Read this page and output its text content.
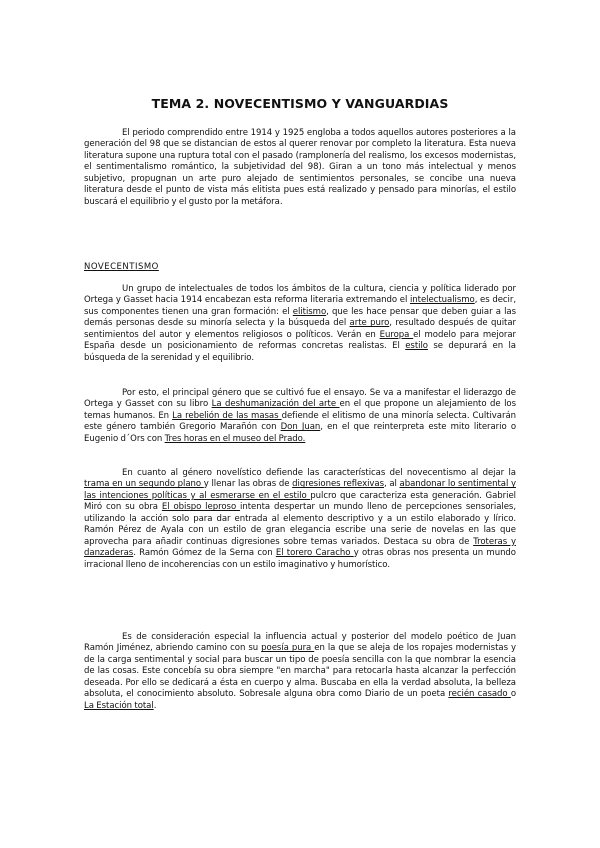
TEMA 2. NOVECENTISMO Y VANGUARDIAS

El periodo comprendido entre 1914 y 1925 engloba a todos aquellos autores posteriores a la generación del 98 que se distancian de estos al querer renovar por completo la literatura. Esta nueva literatura supone una ruptura total con el pasado (ramplonería del realismo, los excesos modernistas, el sentimentalismo romántico, la subjetividad del 98). Giran a un tono más intelectual y menos subjetivo, propugnan un arte puro alejado de sentimientos personales, se concibe una nueva literatura desde el punto de vista más elitista pues está realizado y pensado para minorías, el estilo buscará el equilibrio y el gusto por la metáfora.

NOVECENTISMO

Un grupo de intelectuales de todos los ámbitos de la cultura, ciencia y política liderado por Ortega y Gasset hacia 1914 encabezan esta reforma literaria extremando el intelectualismo, es decir, sus componentes tienen una gran formación: el elitismo, que les hace pensar que deben guiar a las demás personas desde su minoría selecta y la búsqueda del arte puro, resultado después de quitar sentimientos del autor y elementos religiosos o políticos. Verán en Europa el modelo para mejorar España desde un posicionamiento de reformas concretas realistas. El estilo se depurará en la búsqueda de la serenidad y el equilibrio.

Por esto, el principal género que se cultivó fue el ensayo. Se va a manifestar el liderazgo de Ortega y Gasset con su libro La deshumanización del arte en el que propone un alejamiento de los temas humanos. En La rebelión de las masas defiende el elitismo de una minoría selecta. Cultivarán este género también Gregorio Marañón con Don Juan, en el que reinterpreta este mito literario o Eugenio d´Ors con Tres horas en el museo del Prado.

En cuanto al género novelístico defiende las características del novecentismo al dejar la trama en un segundo plano y llenar las obras de digresiones reflexivas, al abandonar lo sentimental y las intenciones políticas y al esmerarse en el estilo pulcro que caracteriza esta generación. Gabriel Miró con su obra El obispo leproso intenta despertar un mundo lleno de percepciones sensoriales, utilizando la acción solo para dar entrada al elemento descriptivo y a un estilo elaborado y lírico. Ramón Pérez de Ayala con un estilo de gran elegancia escribe una serie de novelas en las que aprovecha para añadir continuas digresiones sobre temas variados. Destaca su obra de Troteras y danzaderas. Ramón Gómez de la Serna con El torero Caracho y otras obras nos presenta un mundo irracional lleno de incoherencias con un estilo imaginativo y humorístico.

Es de consideración especial la influencia actual y posterior del modelo poético de Juan Ramón Jiménez, abriendo camino con su poesía pura en la que se aleja de los ropajes modernistas y de la carga sentimental y social para buscar un tipo de poesía sencilla con la que nombrar la esencia de las cosas. Este concebía su obra siempre "en marcha" para retocarla hasta alcanzar la perfección deseada. Por ello se dedicará a ésta en cuerpo y alma. Buscaba en ella la verdad absoluta, la belleza absoluta, el conocimiento absoluto. Sobresale alguna obra como Diario de un poeta recién casado o La Estación total.
